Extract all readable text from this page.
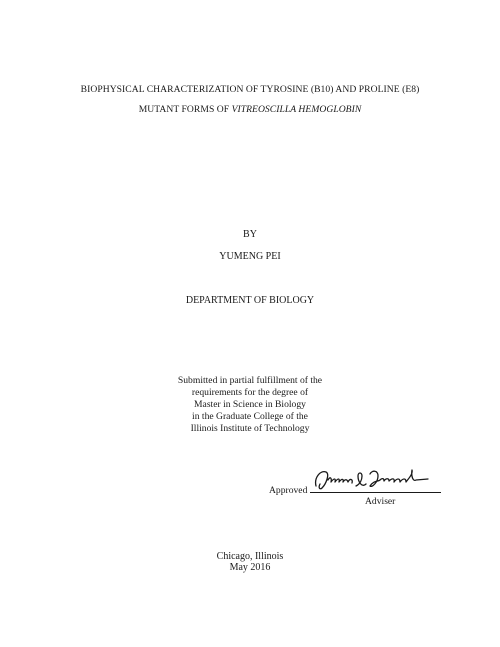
BIOPHYSICAL CHARACTERIZATION OF TYROSINE (B10) AND PROLINE (E8)
MUTANT FORMS OF VITREOSCILLA HEMOGLOBIN
BY
YUMENG PEI
DEPARTMENT OF BIOLOGY
Submitted in partial fulfillment of the
requirements for the degree of
Master in Science in Biology
in the Graduate College of the
Illinois Institute of Technology
Approved
Adviser
Chicago, Illinois
May 2016
